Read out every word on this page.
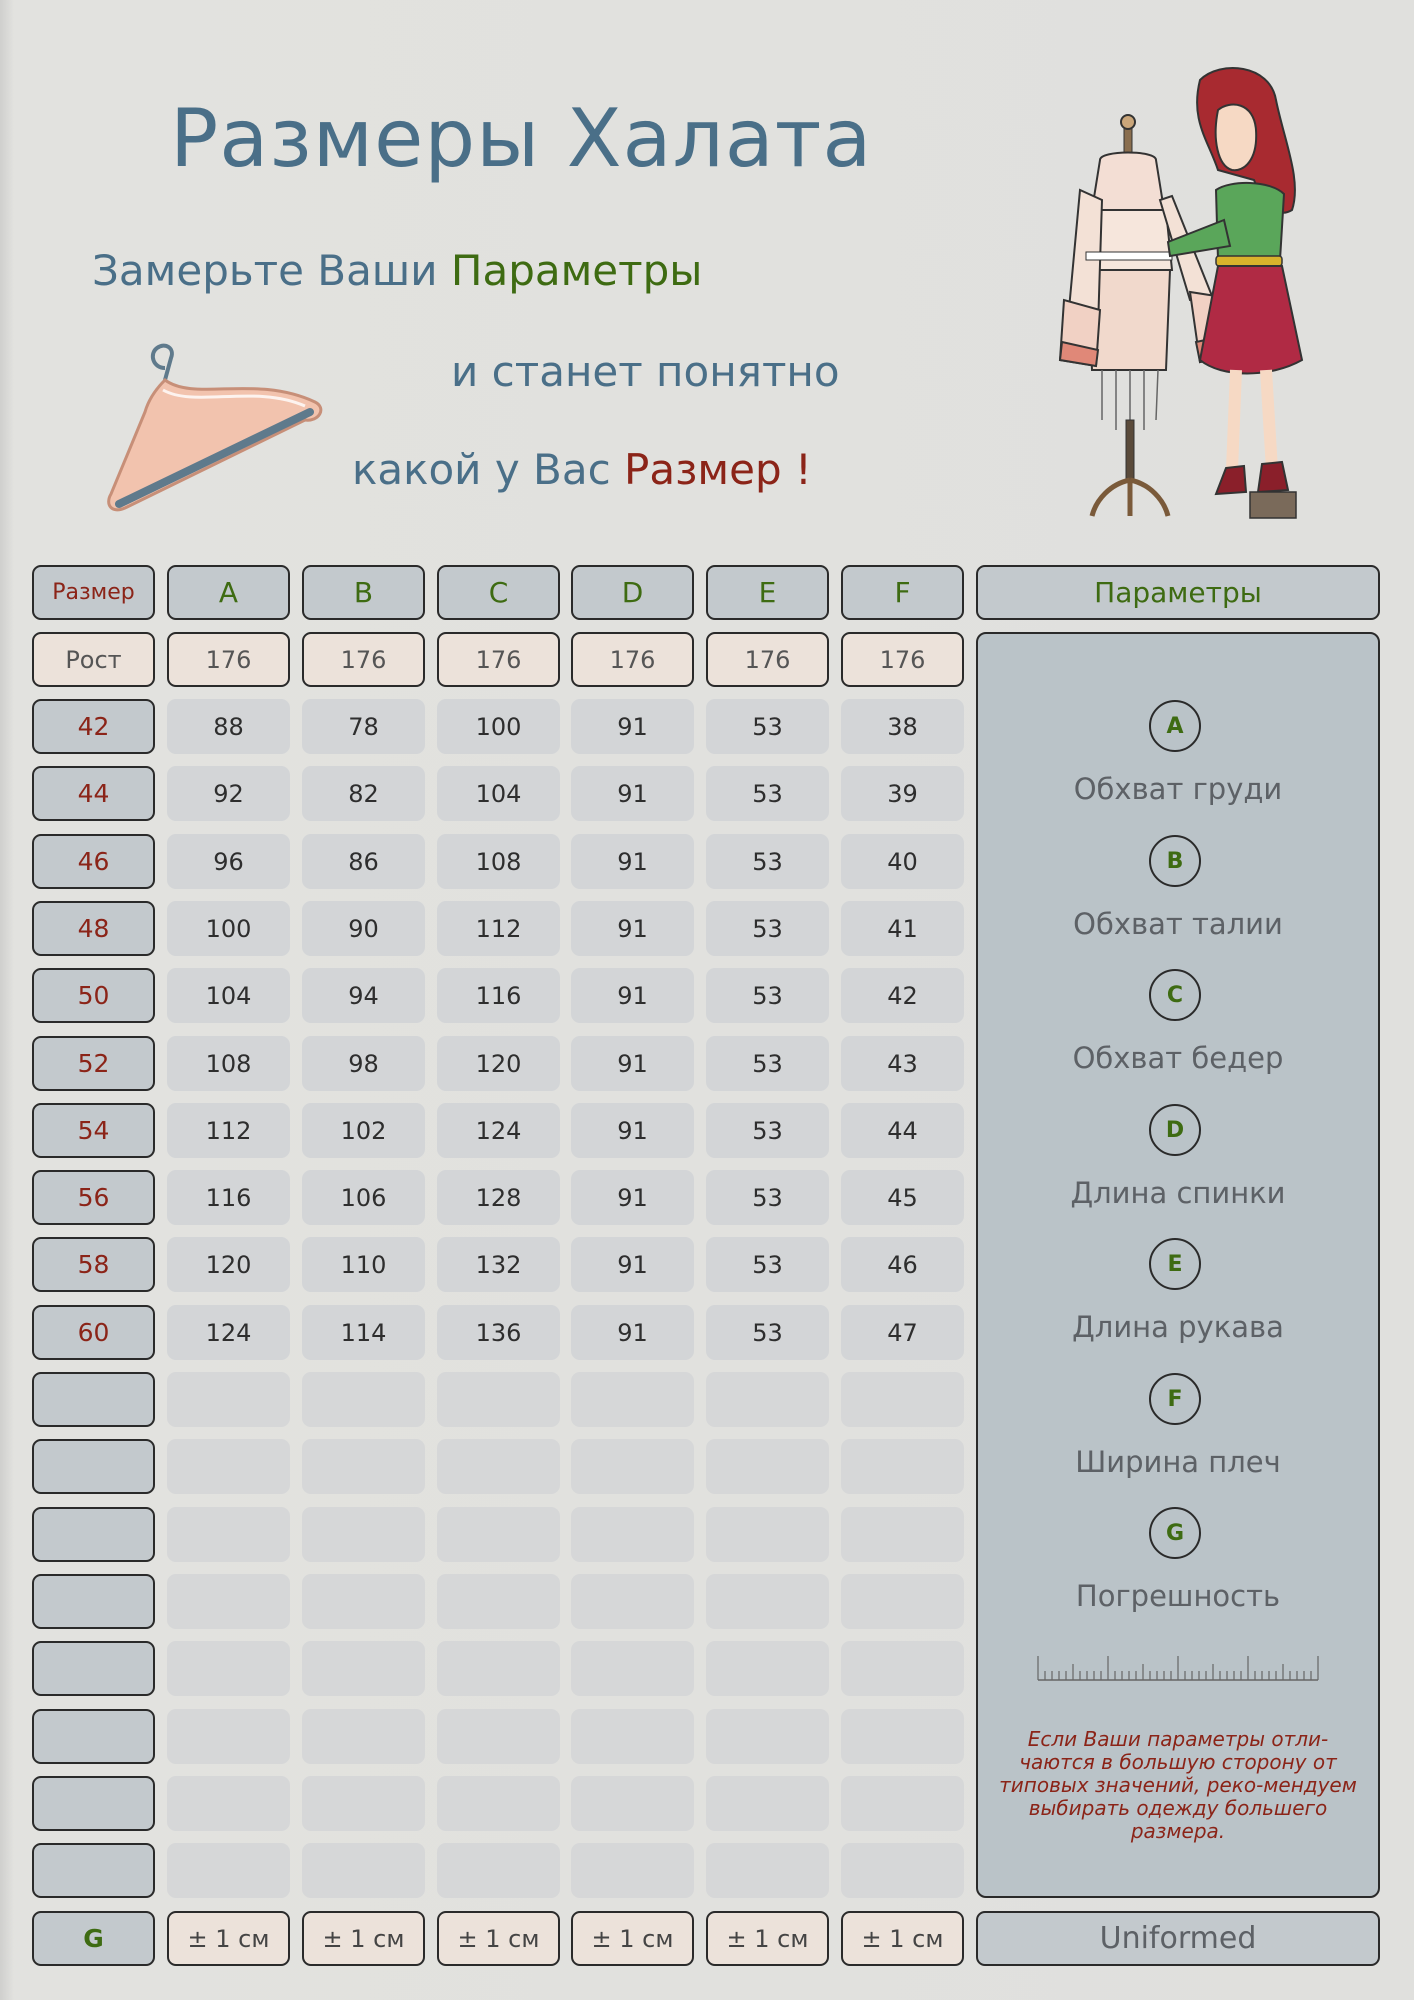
Размеры Халата
Замерьте Ваши Параметры
и станет понятно
какой у Вас Размер !
Размер	A	B	C	D	E	F	Параметры
Рост	176	176	176	176	176	176
42	88	78	100	91	53	38
44	92	82	104	91	53	39
46	96	86	108	91	53	40
48	100	90	112	91	53	41
50	104	94	116	91	53	42
52	108	98	120	91	53	43
54	112	102	124	91	53	44
56	116	106	128	91	53	45
58	120	110	132	91	53	46
60	124	114	136	91	53	47
G	± 1 см	± 1 см	± 1 см	± 1 см	± 1 см	± 1 см
A
Обхват груди
B
Обхват талии
C
Обхват бедер
D
Длина спинки
E
Длина рукава
F
Ширина плеч
G
Погрешность
Если Ваши параметры отли-чаются в большую сторону от типовых значений, реко-мендуем выбирать одежду большего размера.
Uniformed
